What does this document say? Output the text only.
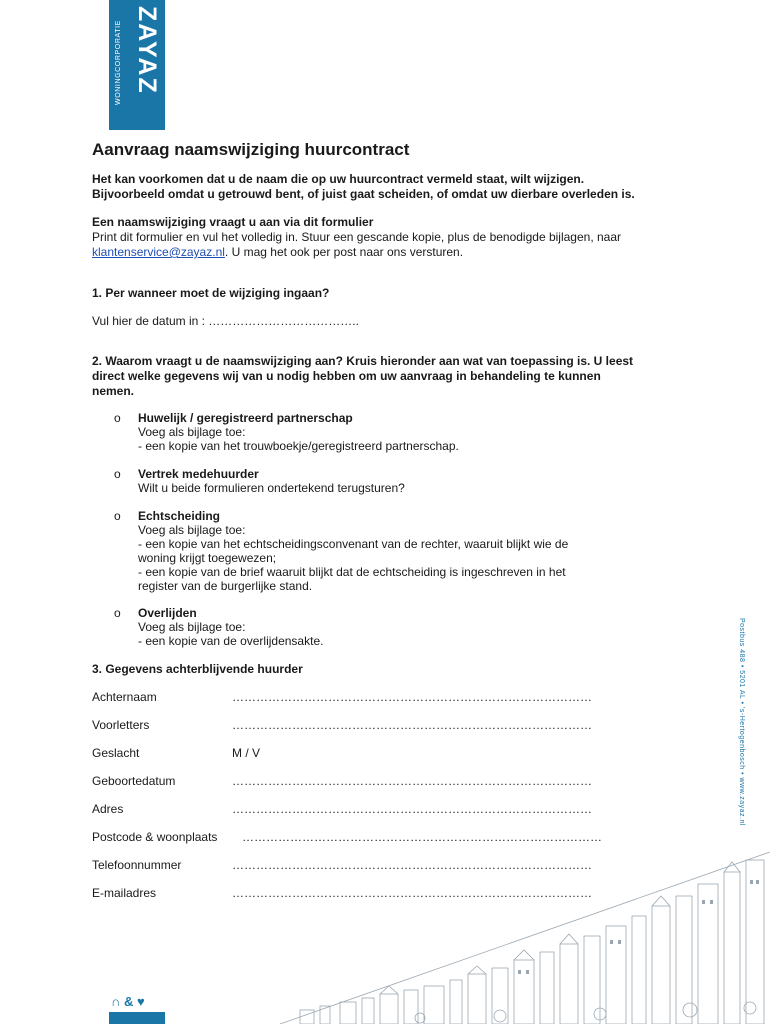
WONINGCORPORATIE ZAYAZ
Aanvraag naamswijziging huurcontract
Het kan voorkomen dat u de naam die op uw huurcontract vermeld staat, wilt wijzigen.
Bijvoorbeeld omdat u getrouwd bent, of juist gaat scheiden, of omdat uw dierbare overleden is.
Een naamswijziging vraagt u aan via dit formulier
Print dit formulier en vul het volledig in. Stuur een gescande kopie, plus de benodigde bijlagen, naar
klantenservice@zayaz.nl. U mag het ook per post naar ons versturen.
1. Per wanneer moet de wijziging ingaan?
Vul hier de datum in : ………………………………..
2. Waarom vraagt u de naamswijziging aan? Kruis hieronder aan wat van toepassing is. U leest
direct welke gegevens wij van u nodig hebben om uw aanvraag in behandeling te kunnen
nemen.
o Huwelijk / geregistreerd partnerschap
Voeg als bijlage toe:
- een kopie van het trouwboekje/geregistreerd partnerschap.
o Vertrek medehuurder
Wilt u beide formulieren ondertekend terugsturen?
o Echtscheiding
Voeg als bijlage toe:
- een kopie van het echtscheidingsconvenant van de rechter, waaruit blijkt wie de
woning krijgt toegewezen;
- een kopie van de brief waaruit blijkt dat de echtscheiding is ingeschreven in het
register van de burgerlijke stand.
o Overlijden
Voeg als bijlage toe:
- een kopie van de overlijdensakte.
3. Gegevens achterblijvende huurder
Achternaam	………………………………………………………………………………
Voorletters	………………………………………………………………………………
Geslacht	M / V
Geboortedatum	………………………………………………………………………………
Adres	………………………………………………………………………………
Postcode & woonplaats ………………………………………………………………………………
Telefoonnummer	………………………………………………………………………………
E-mailadres	………………………………………………………………………………
Postbus 488 • 5201 AL • 's-Hertogenbosch • www.zayaz.nl
∩ & ♥
